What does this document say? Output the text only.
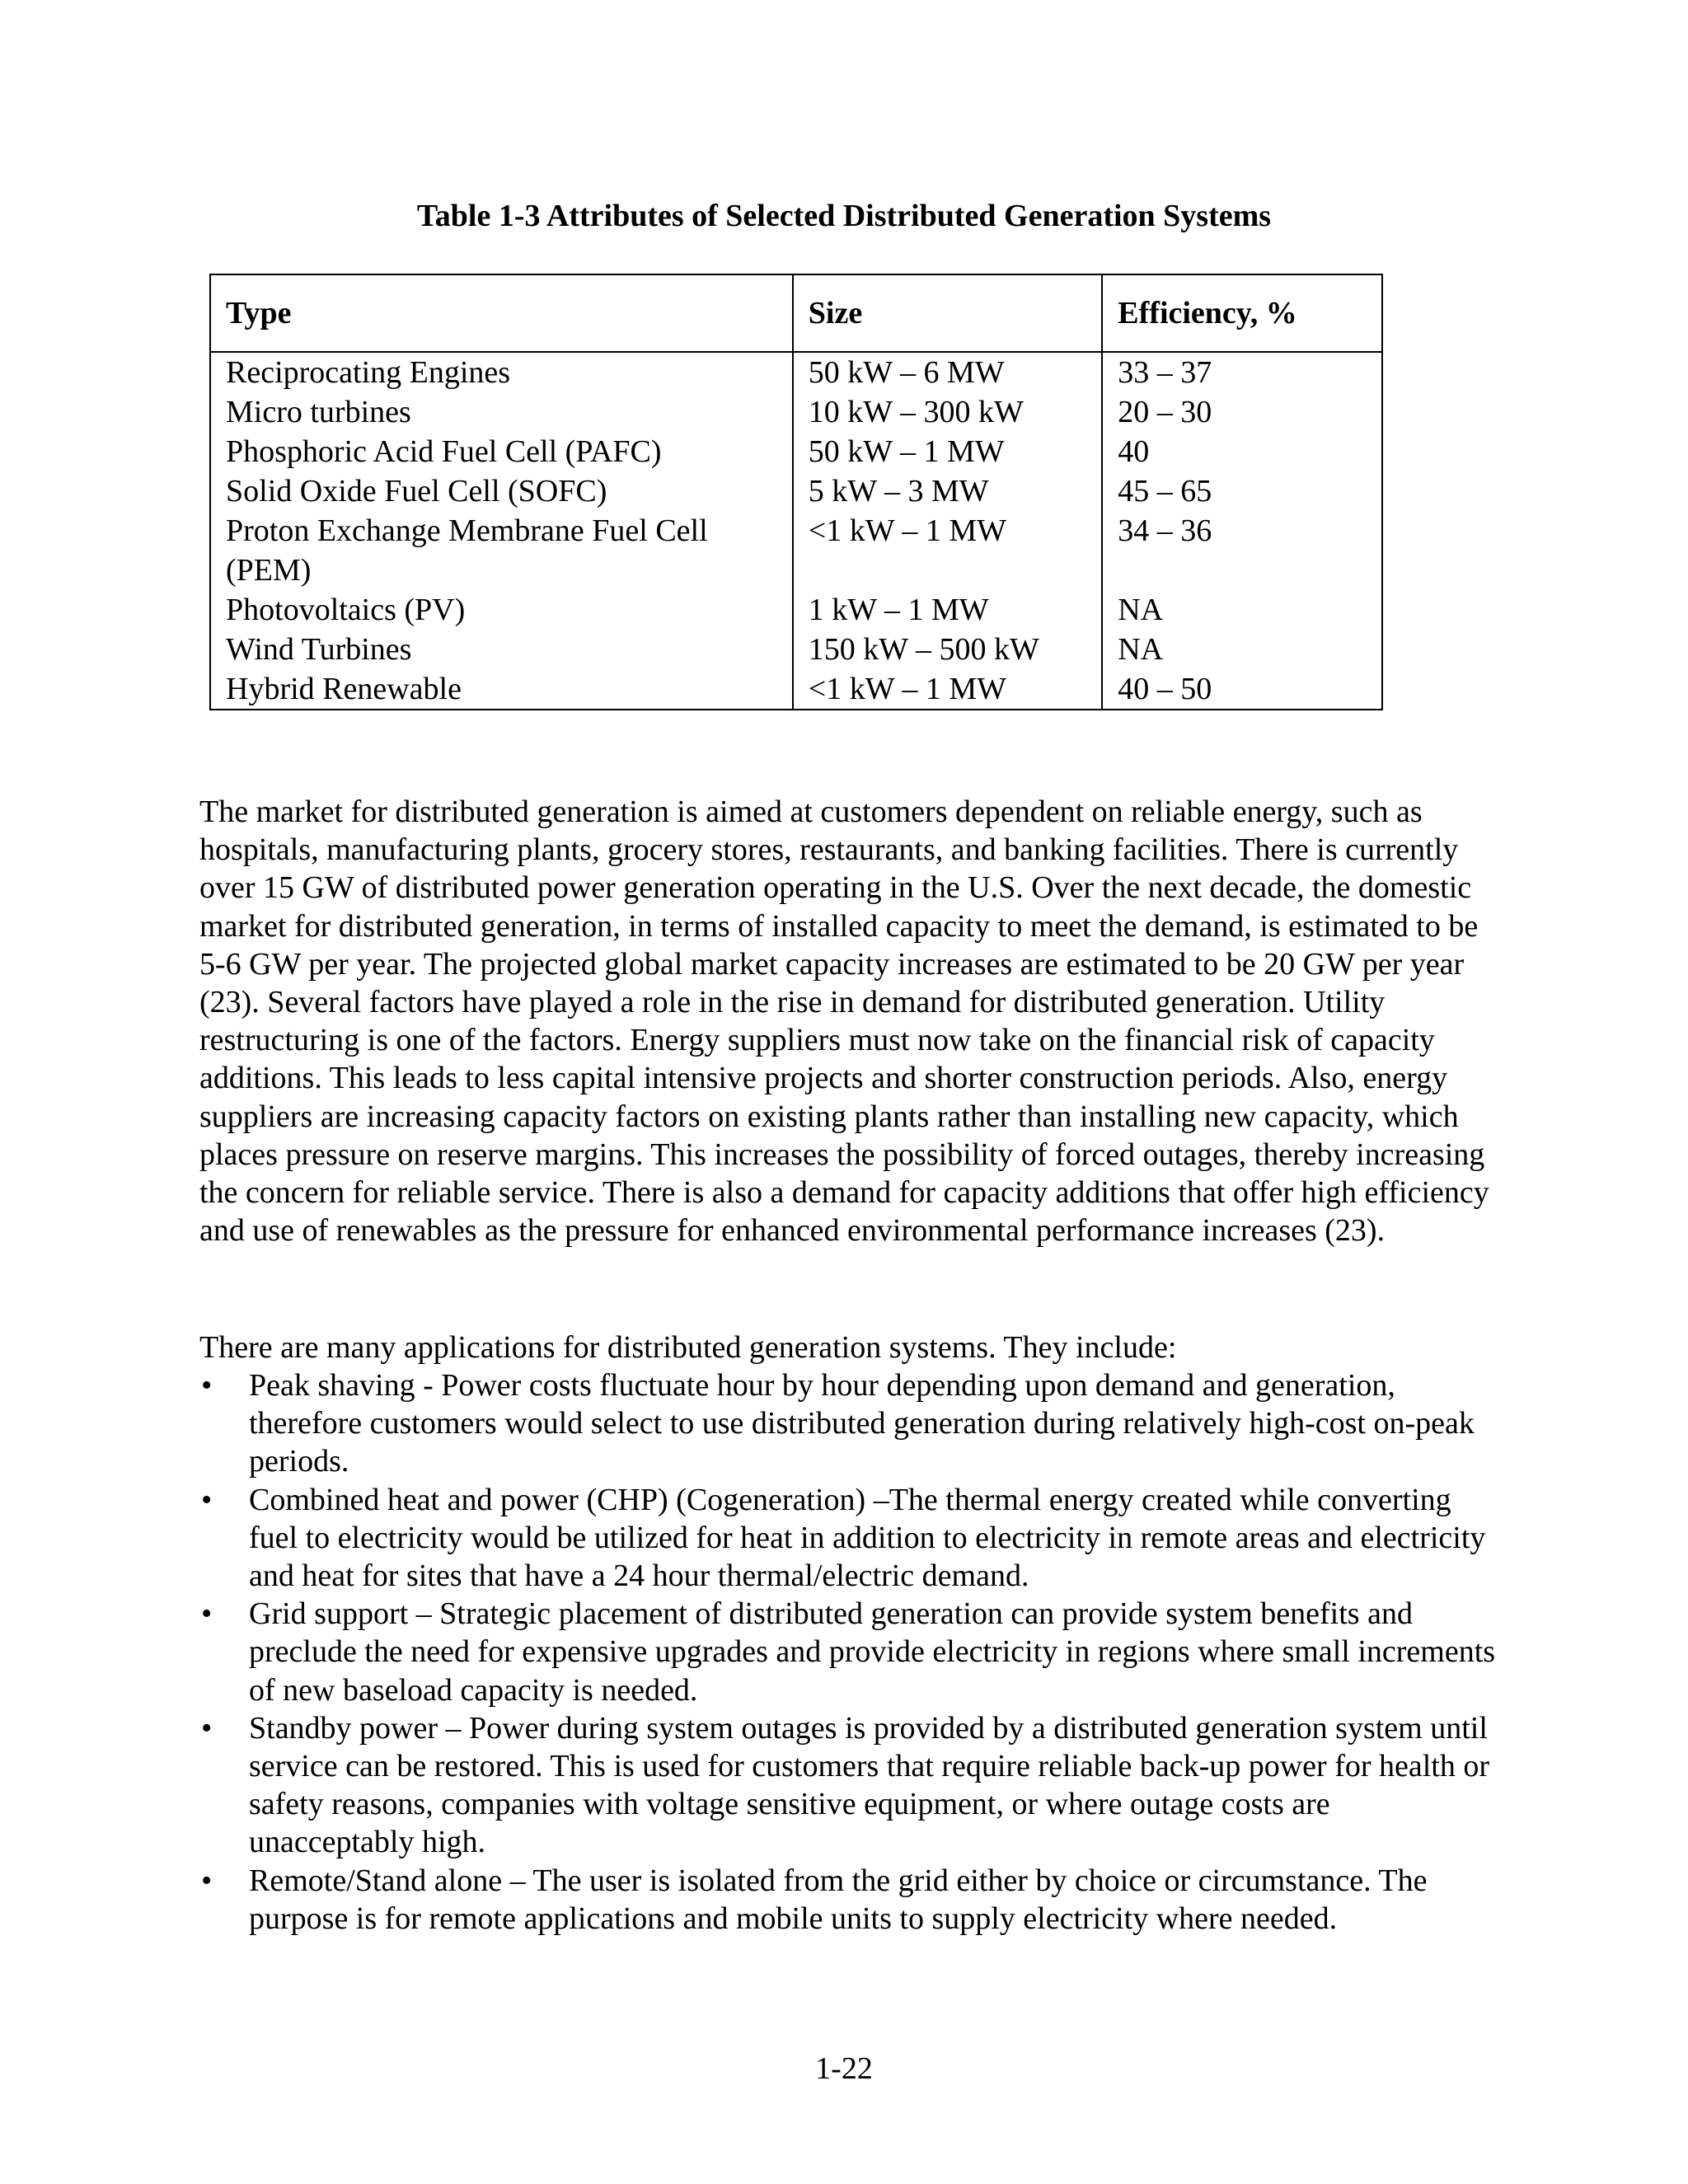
Table 1-3 Attributes of Selected Distributed Generation Systems
Type	Size	Efficiency, %
Reciprocating Engines	50 kW – 6 MW	33 – 37
Micro turbines	10 kW – 300 kW	20 – 30
Phosphoric Acid Fuel Cell (PAFC)	50 kW – 1 MW	40
Solid Oxide Fuel Cell (SOFC)	5 kW – 3 MW	45 – 65
Proton Exchange Membrane Fuel Cell (PEM)	<1 kW – 1 MW	34 – 36
Photovoltaics (PV)	1 kW – 1 MW	NA
Wind Turbines	150 kW – 500 kW	NA
Hybrid Renewable	<1 kW – 1 MW	40 – 50

The market for distributed generation is aimed at customers dependent on reliable energy, such as hospitals, manufacturing plants, grocery stores, restaurants, and banking facilities. There is currently over 15 GW of distributed power generation operating in the U.S. Over the next decade, the domestic market for distributed generation, in terms of installed capacity to meet the demand, is estimated to be 5-6 GW per year. The projected global market capacity increases are estimated to be 20 GW per year (23). Several factors have played a role in the rise in demand for distributed generation. Utility restructuring is one of the factors. Energy suppliers must now take on the financial risk of capacity additions. This leads to less capital intensive projects and shorter construction periods. Also, energy suppliers are increasing capacity factors on existing plants rather than installing new capacity, which places pressure on reserve margins. This increases the possibility of forced outages, thereby increasing the concern for reliable service. There is also a demand for capacity additions that offer high efficiency and use of renewables as the pressure for enhanced environmental performance increases (23).

There are many applications for distributed generation systems. They include:

• Peak shaving - Power costs fluctuate hour by hour depending upon demand and generation, therefore customers would select to use distributed generation during relatively high-cost on-peak periods.
• Combined heat and power (CHP) (Cogeneration) –The thermal energy created while converting fuel to electricity would be utilized for heat in addition to electricity in remote areas and electricity and heat for sites that have a 24 hour thermal/electric demand.
• Grid support – Strategic placement of distributed generation can provide system benefits and preclude the need for expensive upgrades and provide electricity in regions where small increments of new baseload capacity is needed.
• Standby power – Power during system outages is provided by a distributed generation system until service can be restored. This is used for customers that require reliable back-up power for health or safety reasons, companies with voltage sensitive equipment, or where outage costs are unacceptably high.
• Remote/Stand alone – The user is isolated from the grid either by choice or circumstance. The purpose is for remote applications and mobile units to supply electricity where needed.
1-22
